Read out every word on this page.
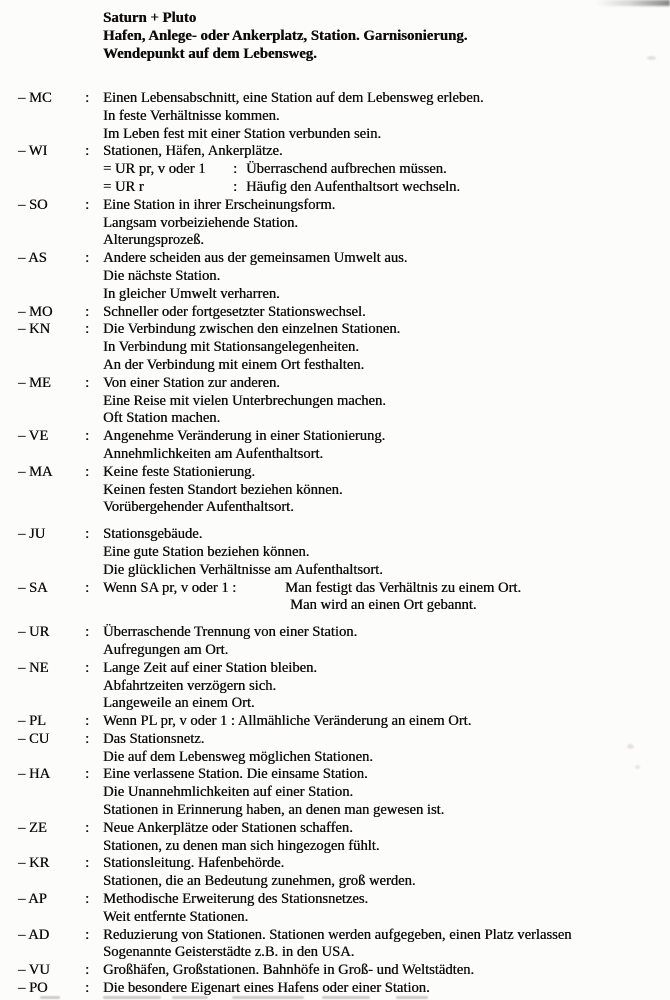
Saturn + Pluto
Hafen, Anlege- oder Ankerplatz, Station. Garnisonierung.
Wendepunkt auf dem Lebensweg.
– MC	: Einen Lebensabschnitt, eine Station auf dem Lebensweg erleben.
In feste Verhältnisse kommen.
Im Leben fest mit einer Station verbunden sein.
– WI	: Stationen, Häfen, Ankerplätze.
= UR pr, v oder 1 : Überraschend aufbrechen müssen.
= UR r	: Häufig den Aufenthaltsort wechseln.
– SO	: Eine Station in ihrer Erscheinungsform.
Langsam vorbeiziehende Station.
Alterungsprozeß.
– AS	: Andere scheiden aus der gemeinsamen Umwelt aus.
Die nächste Station.
In gleicher Umwelt verharren.
– MO	: Schneller oder fortgesetzter Stationswechsel.
– KN	: Die Verbindung zwischen den einzelnen Stationen.
In Verbindung mit Stationsangelegenheiten.
An der Verbindung mit einem Ort festhalten.
– ME	: Von einer Station zur anderen.
Eine Reise mit vielen Unterbrechungen machen.
Oft Station machen.
– VE	: Angenehme Veränderung in einer Stationierung.
Annehmlichkeiten am Aufenthaltsort.
– MA	: Keine feste Stationierung.
Keinen festen Standort beziehen können.
Vorübergehender Aufenthaltsort.
– JU	: Stationsgebäude.
Eine gute Station beziehen können.
Die glücklichen Verhältnisse am Aufenthaltsort.
– SA	: Wenn SA pr, v oder 1 :	Man festigt das Verhältnis zu einem Ort.
Man wird an einen Ort gebannt.
– UR	: Überraschende Trennung von einer Station.
Aufregungen am Ort.
– NE	: Lange Zeit auf einer Station bleiben.
Abfahrtzeiten verzögern sich.
Langeweile an einem Ort.
– PL	: Wenn PL pr, v oder 1 : Allmähliche Veränderung an einem Ort.
– CU	: Das Stationsnetz.
Die auf dem Lebensweg möglichen Stationen.
– HA	: Eine verlassene Station. Die einsame Station.
Die Unannehmlichkeiten auf einer Station.
Stationen in Erinnerung haben, an denen man gewesen ist.
– ZE	: Neue Ankerplätze oder Stationen schaffen.
Stationen, zu denen man sich hingezogen fühlt.
– KR	: Stationsleitung. Hafenbehörde.
Stationen, die an Bedeutung zunehmen, groß werden.
– AP	: Methodische Erweiterung des Stationsnetzes.
Weit entfernte Stationen.
– AD	: Reduzierung von Stationen. Stationen werden aufgegeben, einen Platz verlassen
Sogenannte Geisterstädte z.B. in den USA.
– VU	: Großhäfen, Großstationen. Bahnhöfe in Groß- und Weltstädten.
– PO	: Die besondere Eigenart eines Hafens oder einer Station.
